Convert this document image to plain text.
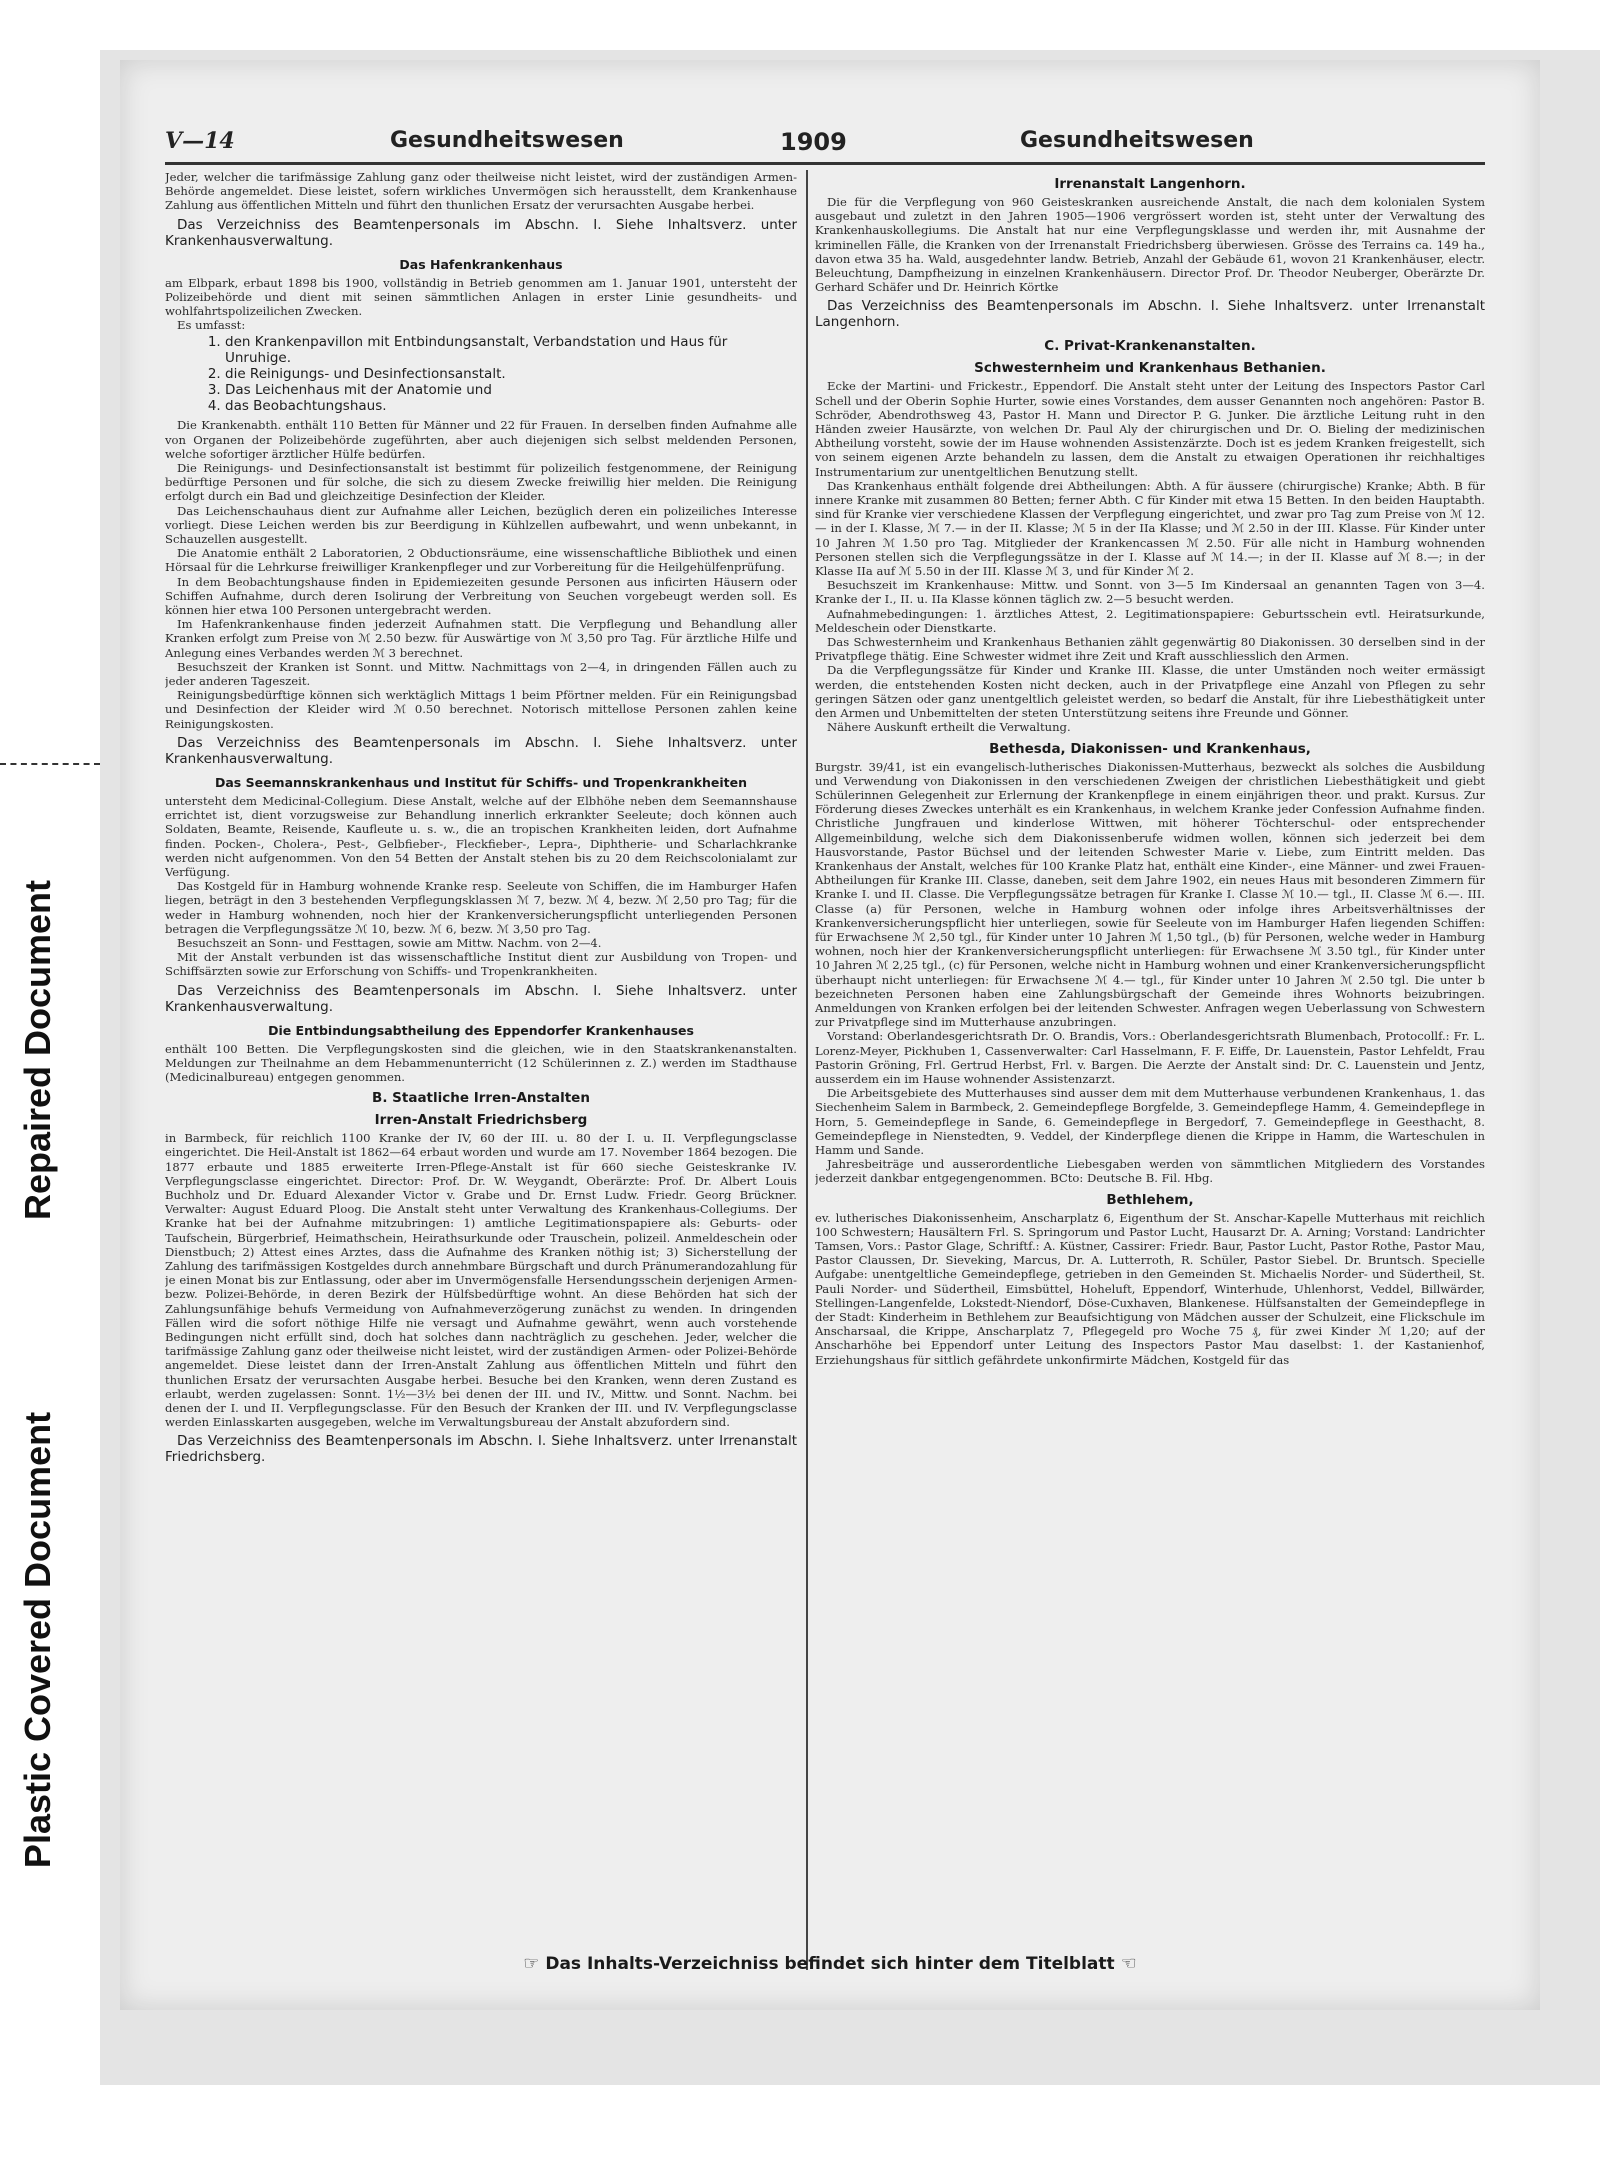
Plastic Covered Document
Repaired Document
V—14	Gesundheitswesen	1909	Gesundheitswesen

Jeder, welcher die tarifmässige Zahlung ganz oder theilweise nicht leistet, wird der zuständigen Armen-Behörde angemeldet. Diese leistet, sofern wirkliches Unvermögen sich herausstellt, dem Krankenhause Zahlung aus öffentlichen Mitteln und führt den thunlichen Ersatz der verursachten Ausgabe herbei.

Das Verzeichniss des Beamtenpersonals im Abschn. I. Siehe Inhaltsverz. unter Krankenhausverwaltung.
Das Hafenkrankenhaus

am Elbpark, erbaut 1898 bis 1900, vollständig in Betrieb genommen am 1. Januar 1901, untersteht der Polizeibehörde und dient mit seinen sämmtlichen Anlagen in erster Linie gesundheits- und wohlfahrtspolizeilichen Zwecken.

Es umfasst:

1. den Krankenpavillon mit Entbindungsanstalt, Verbandstation und Haus für Unruhige.
2. die Reinigungs- und Desinfectionsanstalt.
3. Das Leichenhaus mit der Anatomie und
4. das Beobachtungshaus.

Die Krankenabth. enthält 110 Betten für Männer und 22 für Frauen. In derselben finden Aufnahme alle von Organen der Polizeibehörde zugeführten, aber auch diejenigen sich selbst meldenden Personen, welche sofortiger ärztlicher Hülfe bedürfen.

Die Reinigungs- und Desinfectionsanstalt ist bestimmt für polizeilich festgenommene, der Reinigung bedürftige Personen und für solche, die sich zu diesem Zwecke freiwillig hier melden. Die Reinigung erfolgt durch ein Bad und gleichzeitige Desinfection der Kleider.

Das Leichenschauhaus dient zur Aufnahme aller Leichen, bezüglich deren ein polizeiliches Interesse vorliegt. Diese Leichen werden bis zur Beerdigung in Kühlzellen aufbewahrt, und wenn unbekannt, in Schauzellen ausgestellt.

Die Anatomie enthält 2 Laboratorien, 2 Obductionsräume, eine wissenschaftliche Bibliothek und einen Hörsaal für die Lehrkurse freiwilliger Krankenpfleger und zur Vorbereitung für die Heilgehülfenprüfung.

In dem Beobachtungshause finden in Epidemiezeiten gesunde Personen aus inficirten Häusern oder Schiffen Aufnahme, durch deren Isolirung der Verbreitung von Seuchen vorgebeugt werden soll. Es können hier etwa 100 Personen untergebracht werden.

Im Hafenkrankenhause finden jederzeit Aufnahmen statt. Die Verpflegung und Behandlung aller Kranken erfolgt zum Preise von ℳ 2.50 bezw. für Auswärtige von ℳ 3,50 pro Tag. Für ärztliche Hilfe und Anlegung eines Verbandes werden ℳ 3 berechnet.

Besuchszeit der Kranken ist Sonnt. und Mittw. Nachmittags von 2—4, in dringenden Fällen auch zu jeder anderen Tageszeit.

Reinigungsbedürftige können sich werktäglich Mittags 1 beim Pförtner melden. Für ein Reinigungsbad und Desinfection der Kleider wird ℳ 0.50 berechnet. Notorisch mittellose Personen zahlen keine Reinigungskosten.

Das Verzeichniss des Beamtenpersonals im Abschn. I. Siehe Inhaltsverz. unter Krankenhausverwaltung.
Das Seemannskrankenhaus und Institut für Schiffs- und Tropenkrankheiten

untersteht dem Medicinal-Collegium. Diese Anstalt, welche auf der Elbhöhe neben dem Seemannshause errichtet ist, dient vorzugsweise zur Behandlung innerlich erkrankter Seeleute; doch können auch Soldaten, Beamte, Reisende, Kaufleute u. s. w., die an tropischen Krankheiten leiden, dort Aufnahme finden. Pocken-, Cholera-, Pest-, Gelbfieber-, Fleckfieber-, Lepra-, Diphtherie- und Scharlachkranke werden nicht aufgenommen. Von den 54 Betten der Anstalt stehen bis zu 20 dem Reichscolonialamt zur Verfügung.

Das Kostgeld für in Hamburg wohnende Kranke resp. Seeleute von Schiffen, die im Hamburger Hafen liegen, beträgt in den 3 bestehenden Verpflegungsklassen ℳ 7, bezw. ℳ 4, bezw. ℳ 2,50 pro Tag; für die weder in Hamburg wohnenden, noch hier der Krankenversicherungspflicht unterliegenden Personen betragen die Verpflegungssätze ℳ 10, bezw. ℳ 6, bezw. ℳ 3,50 pro Tag.

Besuchszeit an Sonn- und Festtagen, sowie am Mittw. Nachm. von 2—4.

Mit der Anstalt verbunden ist das wissenschaftliche Institut dient zur Ausbildung von Tropen- und Schiffsärzten sowie zur Erforschung von Schiffs- und Tropenkrankheiten.

Das Verzeichniss des Beamtenpersonals im Abschn. I. Siehe Inhaltsverz. unter Krankenhausverwaltung.
Die Entbindungsabtheilung des Eppendorfer Krankenhauses

enthält 100 Betten. Die Verpflegungskosten sind die gleichen, wie in den Staatskrankenanstalten. Meldungen zur Theilnahme an dem Hebammenunterricht (12 Schülerinnen z. Z.) werden im Stadthause (Medicinalbureau) entgegen genommen.

B. Staatliche Irren-Anstalten
Irren-Anstalt Friedrichsberg

in Barmbeck, für reichlich 1100 Kranke der IV, 60 der III. u. 80 der I. u. II. Verpflegungsclasse eingerichtet. Die Heil-Anstalt ist 1862—64 erbaut worden und wurde am 17. November 1864 bezogen. Die 1877 erbaute und 1885 erweiterte Irren-Pflege-Anstalt ist für 660 sieche Geisteskranke IV. Verpflegungsclasse eingerichtet. Director: Prof. Dr. W. Weygandt, Oberärzte: Prof. Dr. Albert Louis Buchholz und Dr. Eduard Alexander Victor v. Grabe und Dr. Ernst Ludw. Friedr. Georg Brückner. Verwalter: August Eduard Ploog. Die Anstalt steht unter Verwaltung des Krankenhaus-Collegiums. Der Kranke hat bei der Aufnahme mitzubringen: 1) amtliche Legitimationspapiere als: Geburts- oder Taufschein, Bürgerbrief, Heimathschein, Heirathsurkunde oder Trauschein, polizeil. Anmeldeschein oder Dienstbuch; 2) Attest eines Arztes, dass die Aufnahme des Kranken nöthig ist; 3) Sicherstellung der Zahlung des tarifmässigen Kostgeldes durch annehmbare Bürgschaft und durch Pränumerandozahlung für je einen Monat bis zur Entlassung, oder aber im Unvermögensfalle Hersendungsschein derjenigen Armen- bezw. Polizei-Behörde, in deren Bezirk der Hülfsbedürftige wohnt. An diese Behörden hat sich der Zahlungsunfähige behufs Vermeidung von Aufnahmeverzögerung zunächst zu wenden. In dringenden Fällen wird die sofort nöthige Hilfe nie versagt und Aufnahme gewährt, wenn auch vorstehende Bedingungen nicht erfüllt sind, doch hat solches dann nachträglich zu geschehen. Jeder, welcher die tarifmässige Zahlung ganz oder theilweise nicht leistet, wird der zuständigen Armen- oder Polizei-Behörde angemeldet. Diese leistet dann der Irren-Anstalt Zahlung aus öffentlichen Mitteln und führt den thunlichen Ersatz der verursachten Ausgabe herbei. Besuche bei den Kranken, wenn deren Zustand es erlaubt, werden zugelassen: Sonnt. 1½—3½ bei denen der III. und IV., Mittw. und Sonnt. Nachm. bei denen der I. und II. Verpflegungsclasse. Für den Besuch der Kranken der III. und IV. Verpflegungsclasse werden Einlasskarten ausgegeben, welche im Verwaltungsbureau der Anstalt abzufordern sind.

Das Verzeichniss des Beamtenpersonals im Abschn. I. Siehe Inhaltsverz. unter Irrenanstalt Friedrichsberg.
Irrenanstalt Langenhorn.

Die für die Verpflegung von 960 Geisteskranken ausreichende Anstalt, die nach dem kolonialen System ausgebaut und zuletzt in den Jahren 1905—1906 vergrössert worden ist, steht unter der Verwaltung des Krankenhauskollegiums. Die Anstalt hat nur eine Verpflegungsklasse und werden ihr, mit Ausnahme der kriminellen Fälle, die Kranken von der Irrenanstalt Friedrichsberg überwiesen. Grösse des Terrains ca. 149 ha., davon etwa 35 ha. Wald, ausgedehnter landw. Betrieb, Anzahl der Gebäude 61, wovon 21 Krankenhäuser, electr. Beleuchtung, Dampfheizung in einzelnen Krankenhäusern. Director Prof. Dr. Theodor Neuberger, Oberärzte Dr. Gerhard Schäfer und Dr. Heinrich Körtke

Das Verzeichniss des Beamtenpersonals im Abschn. I. Siehe Inhaltsverz. unter Irrenanstalt Langenhorn.
C. Privat-Krankenanstalten.
Schwesternheim und Krankenhaus Bethanien.

Ecke der Martini- und Frickestr., Eppendorf. Die Anstalt steht unter der Leitung des Inspectors Pastor Carl Schell und der Oberin Sophie Hurter, sowie eines Vorstandes, dem ausser Genannten noch angehören: Pastor B. Schröder, Abendrothsweg 43, Pastor H. Mann und Director P. G. Junker. Die ärztliche Leitung ruht in den Händen zweier Hausärzte, von welchen Dr. Paul Aly der chirurgischen und Dr. O. Bieling der medizinischen Abtheilung vorsteht, sowie der im Hause wohnenden Assistenzärzte. Doch ist es jedem Kranken freigestellt, sich von seinem eigenen Arzte behandeln zu lassen, dem die Anstalt zu etwaigen Operationen ihr reichhaltiges Instrumentarium zur unentgeltlichen Benutzung stellt.

Das Krankenhaus enthält folgende drei Abtheilungen: Abth. A für äussere (chirurgische) Kranke; Abth. B für innere Kranke mit zusammen 80 Betten; ferner Abth. C für Kinder mit etwa 15 Betten. In den beiden Hauptabth. sind für Kranke vier verschiedene Klassen der Verpflegung eingerichtet, und zwar pro Tag zum Preise von ℳ 12.— in der I. Klasse, ℳ 7.— in der II. Klasse; ℳ 5 in der IIa Klasse; und ℳ 2.50 in der III. Klasse. Für Kinder unter 10 Jahren ℳ 1.50 pro Tag. Mitglieder der Krankencassen ℳ 2.50. Für alle nicht in Hamburg wohnenden Personen stellen sich die Verpflegungssätze in der I. Klasse auf ℳ 14.—; in der II. Klasse auf ℳ 8.—; in der Klasse IIa auf ℳ 5.50 in der III. Klasse ℳ 3, und für Kinder ℳ 2.

Besuchszeit im Krankenhause: Mittw. und Sonnt. von 3—5 Im Kindersaal an genannten Tagen von 3—4. Kranke der I., II. u. IIa Klasse können täglich zw. 2—5 besucht werden.

Aufnahmebedingungen: 1. ärztliches Attest, 2. Legitimationspapiere: Geburtsschein evtl. Heiratsurkunde, Meldeschein oder Dienstkarte.

Das Schwesternheim und Krankenhaus Bethanien zählt gegenwärtig 80 Diakonissen. 30 derselben sind in der Privatpflege thätig. Eine Schwester widmet ihre Zeit und Kraft ausschliesslich den Armen.

Da die Verpflegungssätze für Kinder und Kranke III. Klasse, die unter Umständen noch weiter ermässigt werden, die entstehenden Kosten nicht decken, auch in der Privatpflege eine Anzahl von Pflegen zu sehr geringen Sätzen oder ganz unentgeltlich geleistet werden, so bedarf die Anstalt, für ihre Liebesthätigkeit unter den Armen und Unbemittelten der steten Unterstützung seitens ihre Freunde und Gönner.

Nähere Auskunft ertheilt die Verwaltung.

Bethesda, Diakonissen- und Krankenhaus,

Burgstr. 39/41, ist ein evangelisch-lutherisches Diakonissen-Mutterhaus, bezweckt als solches die Ausbildung und Verwendung von Diakonissen in den verschiedenen Zweigen der christlichen Liebesthätigkeit und giebt Schülerinnen Gelegenheit zur Erlernung der Krankenpflege in einem einjährigen theor. und prakt. Kursus. Zur Förderung dieses Zweckes unterhält es ein Krankenhaus, in welchem Kranke jeder Confession Aufnahme finden. Christliche Jungfrauen und kinderlose Wittwen, mit höherer Töchterschul- oder entsprechender Allgemeinbildung, welche sich dem Diakonissenberufe widmen wollen, können sich jederzeit bei dem Hausvorstande, Pastor Büchsel und der leitenden Schwester Marie v. Liebe, zum Eintritt melden. Das Krankenhaus der Anstalt, welches für 100 Kranke Platz hat, enthält eine Kinder-, eine Männer- und zwei Frauen-Abtheilungen für Kranke III. Classe, daneben, seit dem Jahre 1902, ein neues Haus mit besonderen Zimmern für Kranke I. und II. Classe. Die Verpflegungssätze betragen für Kranke I. Classe ℳ 10.— tgl., II. Classe ℳ 6.—. III. Classe (a) für Personen, welche in Hamburg wohnen oder infolge ihres Arbeitsverhältnisses der Krankenversicherungspflicht hier unterliegen, sowie für Seeleute von im Hamburger Hafen liegenden Schiffen: für Erwachsene ℳ 2,50 tgl., für Kinder unter 10 Jahren ℳ 1,50 tgl., (b) für Personen, welche weder in Hamburg wohnen, noch hier der Krankenversicherungspflicht unterliegen: für Erwachsene ℳ 3.50 tgl., für Kinder unter 10 Jahren ℳ 2,25 tgl., (c) für Personen, welche nicht in Hamburg wohnen und einer Krankenversicherungspflicht überhaupt nicht unterliegen: für Erwachsene ℳ 4.— tgl., für Kinder unter 10 Jahren ℳ 2.50 tgl. Die unter b bezeichneten Personen haben eine Zahlungsbürgschaft der Gemeinde ihres Wohnorts beizubringen. Anmeldungen von Kranken erfolgen bei der leitenden Schwester. Anfragen wegen Ueberlassung von Schwestern zur Privatpflege sind im Mutterhause anzubringen.

Vorstand: Oberlandesgerichtsrath Dr. O. Brandis, Vors.: Oberlandesgerichtsrath Blumenbach, Protocollf.: Fr. L. Lorenz-Meyer, Pickhuben 1, Cassenverwalter: Carl Hasselmann, F. F. Eiffe, Dr. Lauenstein, Pastor Lehfeldt, Frau Pastorin Gröning, Frl. Gertrud Herbst, Frl. v. Bargen. Die Aerzte der Anstalt sind: Dr. C. Lauenstein und Jentz, ausserdem ein im Hause wohnender Assistenzarzt.

Die Arbeitsgebiete des Mutterhauses sind ausser dem mit dem Mutterhause verbundenen Krankenhaus, 1. das Siechenheim Salem in Barmbeck, 2. Gemeindepflege Borgfelde, 3. Gemeindepflege Hamm, 4. Gemeindepflege in Horn, 5. Gemeindepflege in Sande, 6. Gemeindepflege in Bergedorf, 7. Gemeindepflege in Geesthacht, 8. Gemeindepflege in Nienstedten, 9. Veddel, der Kinderpflege dienen die Krippe in Hamm, die Warteschulen in Hamm und Sande.

Jahresbeiträge und ausserordentliche Liebesgaben werden von sämmtlichen Mitgliedern des Vorstandes jederzeit dankbar entgegengenommen. BCto: Deutsche B. Fil. Hbg.

Bethlehem,

ev. lutherisches Diakonissenheim, Anscharplatz 6, Eigenthum der St. Anschar-Kapelle Mutterhaus mit reichlich 100 Schwestern; Hausältern Frl. S. Springorum und Pastor Lucht, Hausarzt Dr. A. Arning; Vorstand: Landrichter Tamsen, Vors.: Pastor Glage, Schriftf.: A. Küstner, Cassirer: Friedr. Baur, Pastor Lucht, Pastor Rothe, Pastor Mau, Pastor Claussen, Dr. Sieveking, Marcus, Dr. A. Lutterroth, R. Schüler, Pastor Siebel. Dr. Bruntsch. Specielle Aufgabe: unentgeltliche Gemeindepflege, getrieben in den Gemeinden St. Michaelis Norder- und Südertheil, St. Pauli Norder- und Südertheil, Eimsbüttel, Hoheluft, Eppendorf, Winterhude, Uhlenhorst, Veddel, Billwärder, Stellingen-Langenfelde, Lokstedt-Niendorf, Döse-Cuxhaven, Blankenese. Hülfsanstalten der Gemeindepflege in der Stadt: Kinderheim in Bethlehem zur Beaufsichtigung von Mädchen ausser der Schulzeit, eine Flickschule im Anscharsaal, die Krippe, Anscharplatz 7, Pflegegeld pro Woche 75 ₰, für zwei Kinder ℳ 1,20; auf der Anscharhöhe bei Eppendorf unter Leitung des Inspectors Pastor Mau daselbst: 1. der Kastanienhof, Erziehungshaus für sittlich gefährdete unkonfirmirte Mädchen, Kostgeld für das

☞ Das Inhalts-Verzeichniss befindet sich hinter dem Titelblatt ☜
